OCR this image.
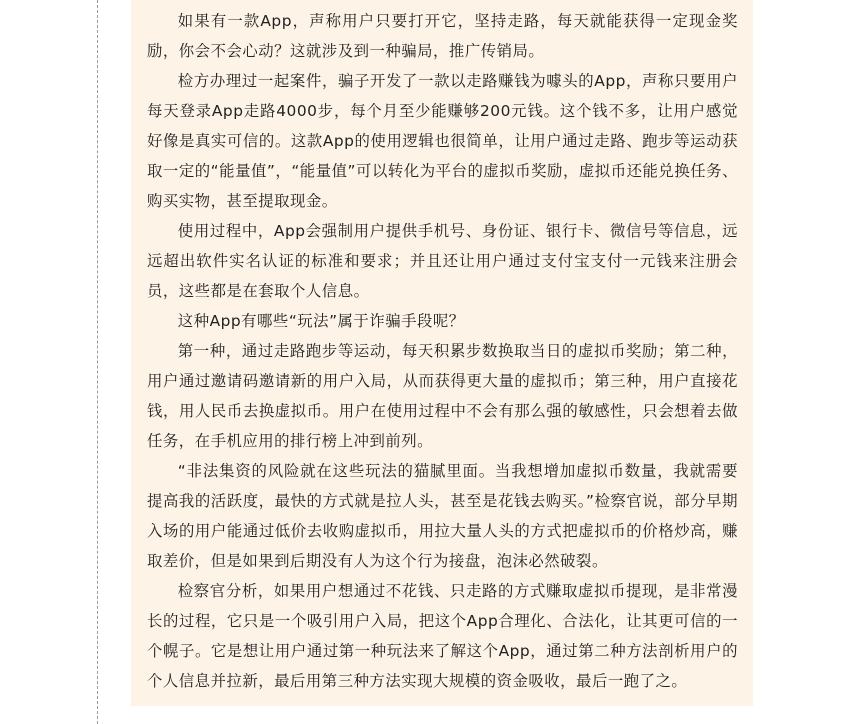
如果有一款App，声称用户只要打开它，坚持走路，每天就能获得一定现金奖励，你会不会心动？这就涉及到一种骗局，推广传销局。

检方办理过一起案件，骗子开发了一款以走路赚钱为噱头的App，声称只要用户每天登录App走路4000步，每个月至少能赚够200元钱。这个钱不多，让用户感觉好像是真实可信的。这款App的使用逻辑也很简单，让用户通过走路、跑步等运动获取一定的“能量值”，“能量值”可以转化为平台的虚拟币奖励，虚拟币还能兑换任务、购买实物，甚至提取现金。

使用过程中，App会强制用户提供手机号、身份证、银行卡、微信号等信息，远远超出软件实名认证的标准和要求；并且还让用户通过支付宝支付一元钱来注册会员，这些都是在套取个人信息。

这种App有哪些“玩法”属于诈骗手段呢？

第一种，通过走路跑步等运动，每天积累步数换取当日的虚拟币奖励；第二种，用户通过邀请码邀请新的用户入局，从而获得更大量的虚拟币；第三种，用户直接花钱，用人民币去换虚拟币。用户在使用过程中不会有那么强的敏感性，只会想着去做任务，在手机应用的排行榜上冲到前列。

“非法集资的风险就在这些玩法的猫腻里面。当我想增加虚拟币数量，我就需要提高我的活跃度，最快的方式就是拉人头，甚至是花钱去购买。”检察官说，部分早期入场的用户能通过低价去收购虚拟币，用拉大量人头的方式把虚拟币的价格炒高，赚取差价，但是如果到后期没有人为这个行为接盘，泡沫必然破裂。

检察官分析，如果用户想通过不花钱、只走路的方式赚取虚拟币提现，是非常漫长的过程，它只是一个吸引用户入局，把这个App合理化、合法化，让其更可信的一个幌子。它是想让用户通过第一种玩法来了解这个App，通过第二种方法剖析用户的个人信息并拉新，最后用第三种方法实现大规模的资金吸收，最后一跑了之。
